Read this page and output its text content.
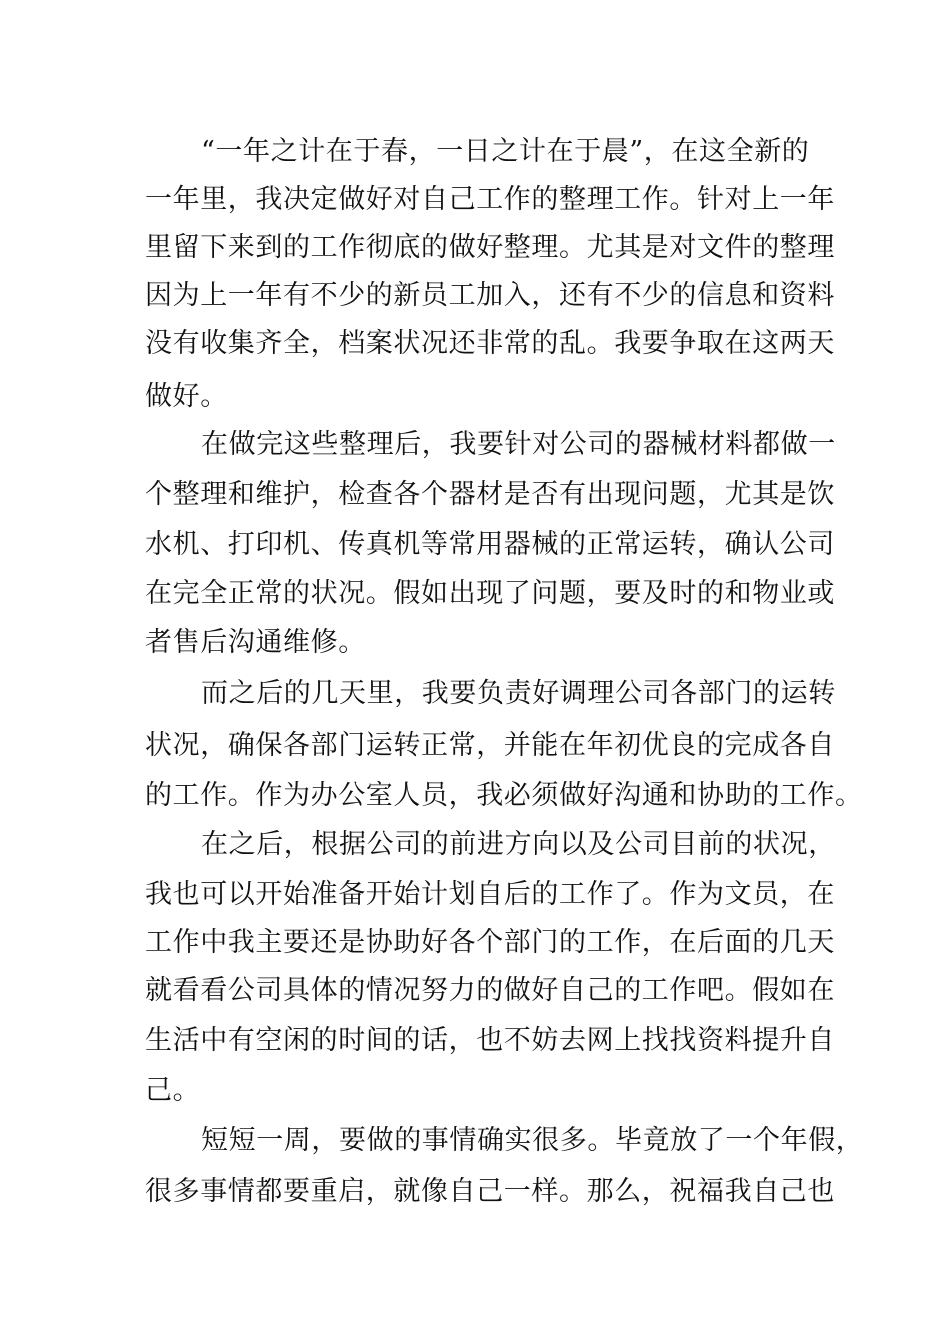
“一年之计在于春，一日之计在于晨”，在这全新的
一年里，我决定做好对自己工作的整理工作。针对上一年
里留下来到的工作彻底的做好整理。尤其是对文件的整理
因为上一年有不少的新员工加入，还有不少的信息和资料
没有收集齐全，档案状况还非常的乱。我要争取在这两天
做好。
在做完这些整理后，我要针对公司的器械材料都做一
个整理和维护，检查各个器材是否有出现问题，尤其是饮
水机、打印机、传真机等常用器械的正常运转，确认公司
在完全正常的状况。假如出现了问题，要及时的和物业或
者售后沟通维修。
而之后的几天里，我要负责好调理公司各部门的运转
状况，确保各部门运转正常，并能在年初优良的完成各自
的工作。作为办公室人员，我必须做好沟通和协助的工作。
在之后，根据公司的前进方向以及公司目前的状况，
我也可以开始准备开始计划自后的工作了。作为文员，在
工作中我主要还是协助好各个部门的工作，在后面的几天
就看看公司具体的情况努力的做好自己的工作吧。假如在
生活中有空闲的时间的话，也不妨去网上找找资料提升自
己。
短短一周，要做的事情确实很多。毕竟放了一个年假，
很多事情都要重启，就像自己一样。那么，祝福我自己也
